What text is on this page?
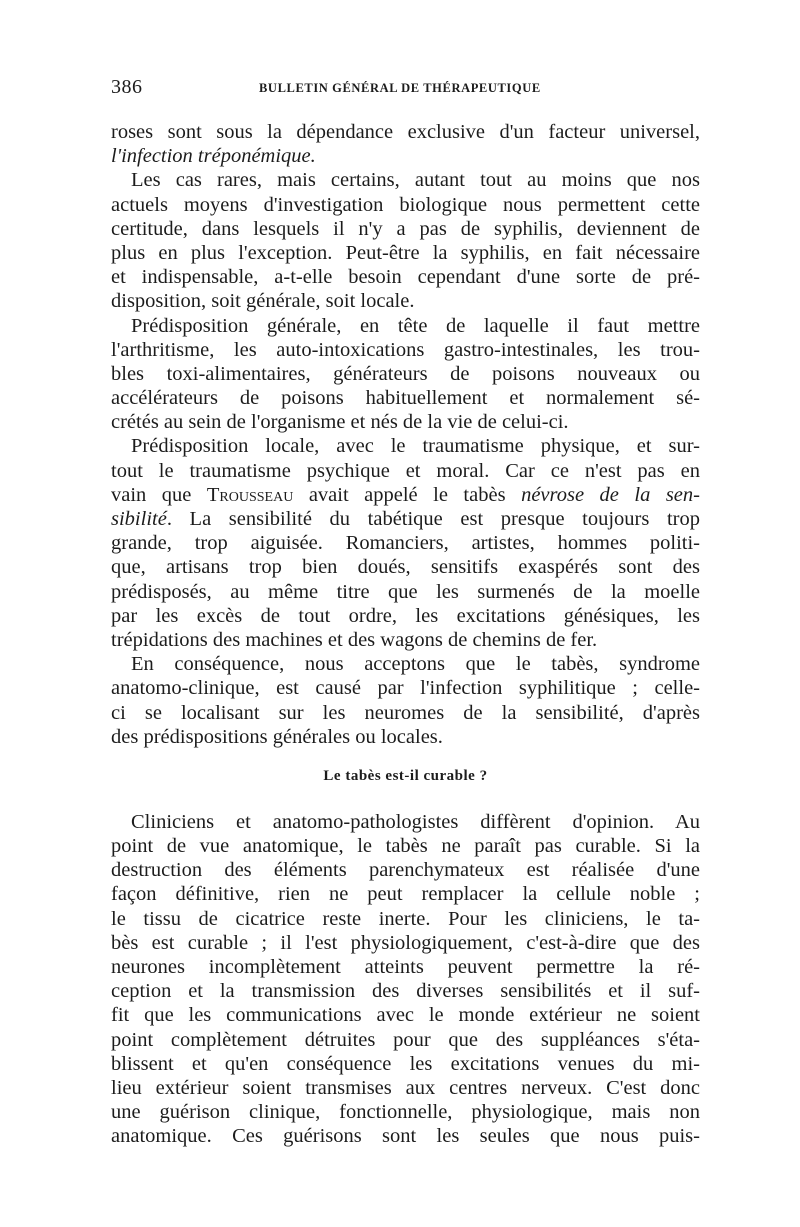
386	BULLETIN GÉNÉRAL DE THÉRAPEUTIQUE
roses sont sous la dépendance exclusive d'un facteur universel,
l'infection tréponémique.
Les cas rares, mais certains, autant tout au moins que nos
actuels moyens d'investigation biologique nous permettent cette
certitude, dans lesquels il n'y a pas de syphilis, deviennent de
plus en plus l'exception. Peut-être la syphilis, en fait nécessaire
et indispensable, a-t-elle besoin cependant d'une sorte de pré-
disposition, soit générale, soit locale.
Prédisposition générale, en tête de laquelle il faut mettre
l'arthritisme, les auto-intoxications gastro-intestinales, les trou-
bles toxi-alimentaires, générateurs de poisons nouveaux ou
accélérateurs de poisons habituellement et normalement sé-
crétés au sein de l'organisme et nés de la vie de celui-ci.
Prédisposition locale, avec le traumatisme physique, et sur-
tout le traumatisme psychique et moral. Car ce n'est pas en
vain que Trousseau avait appelé le tabès névrose de la sen-
sibilité. La sensibilité du tabétique est presque toujours trop
grande, trop aiguisée. Romanciers, artistes, hommes politi-
que, artisans trop bien doués, sensitifs exaspérés sont des
prédisposés, au même titre que les surmenés de la moelle
par les excès de tout ordre, les excitations génésiques, les
trépidations des machines et des wagons de chemins de fer.
En conséquence, nous acceptons que le tabès, syndrome
anatomo-clinique, est causé par l'infection syphilitique ; celle-
ci se localisant sur les neuromes de la sensibilité, d'après
des prédispositions générales ou locales.
Le tabès est-il curable ?
Cliniciens et anatomo-pathologistes diffèrent d'opinion. Au
point de vue anatomique, le tabès ne paraît pas curable. Si la
destruction des éléments parenchymateux est réalisée d'une
façon définitive, rien ne peut remplacer la cellule noble ;
le tissu de cicatrice reste inerte. Pour les cliniciens, le ta-
bès est curable ; il l'est physiologiquement, c'est-à-dire que des
neurones incomplètement atteints peuvent permettre la ré-
ception et la transmission des diverses sensibilités et il suf-
fit que les communications avec le monde extérieur ne soient
point complètement détruites pour que des suppléances s'éta-
blissent et qu'en conséquence les excitations venues du mi-
lieu extérieur soient transmises aux centres nerveux. C'est donc
une guérison clinique, fonctionnelle, physiologique, mais non
anatomique. Ces guérisons sont les seules que nous puis-
